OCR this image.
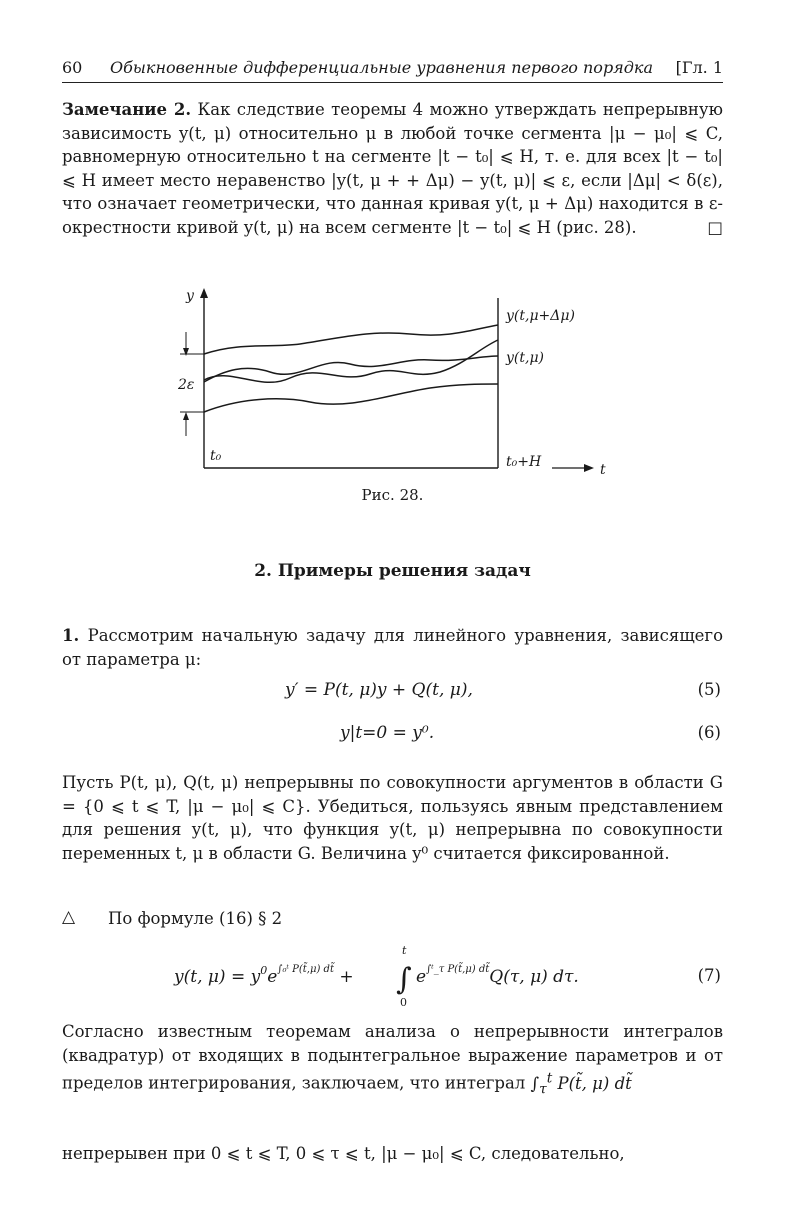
60 Обыкновенные дифференциальные уравнения первого порядка [Гл. 1

Замечание 2. Как следствие теоремы 4 можно утверждать непрерывную зависимость y(t, μ) относительно μ в любой точке сегмента |μ − μ₀| ⩽ C, равномерную относительно t на сегменте |t − t₀| ⩽ H, т. е. для всех |t − t₀| ⩽ H имеет место неравенство |y(t, μ + + Δμ) − y(t, μ)| ⩽ ε, если |Δμ| < δ(ε), что означает геометрически, что данная кривая y(t, μ + Δμ) находится в ε-окрестности кривой y(t, μ) на всем сегменте |t − t₀| ⩽ H (рис. 28).	□

y
t
t₀	t₀+H
2ε
y(t,μ+Δμ)
y(t,μ)
Рис. 28.
2. Примеры решения задач

1. Рассмотрим начальную задачу для линейного уравнения, зависящего от параметра μ:

y′ = P(t, μ)y + Q(t, μ),	(5)
y|t=0 = y⁰.	(6)

Пусть P(t, μ), Q(t, μ) непрерывны по совокупности аргументов в области G = {0 ⩽ t ⩽ T, |μ − μ₀| ⩽ C}. Убедиться, пользуясь явным представлением для решения y(t, μ), что функция y(t, μ) непрерывна по совокупности переменных t, μ в области G. Величина y⁰ считается фиксированной.

△ По формуле (16) § 2
y(t, $\mu) = y^0e^{\int_0ᵗ P(t̃,\mu) dt̃}$ +
t
∫
0
$e^{\int ᵗ\_\tau P(t̃,\mu) dt̃}Q(\tau$, μ) dτ.	(7)

Согласно известным теоремам анализа о непрерывности интегралов (квадратур) от входящих в подынтегральное выражение параметров и от пределов интегрирования, заключаем, что интеграл $\int_\tau^t$ P(t̃, μ) dt̃

непрерывен при 0 ⩽ t ⩽ T, 0 ⩽ τ ⩽ t, |μ − μ₀| ⩽ C, следовательно,
